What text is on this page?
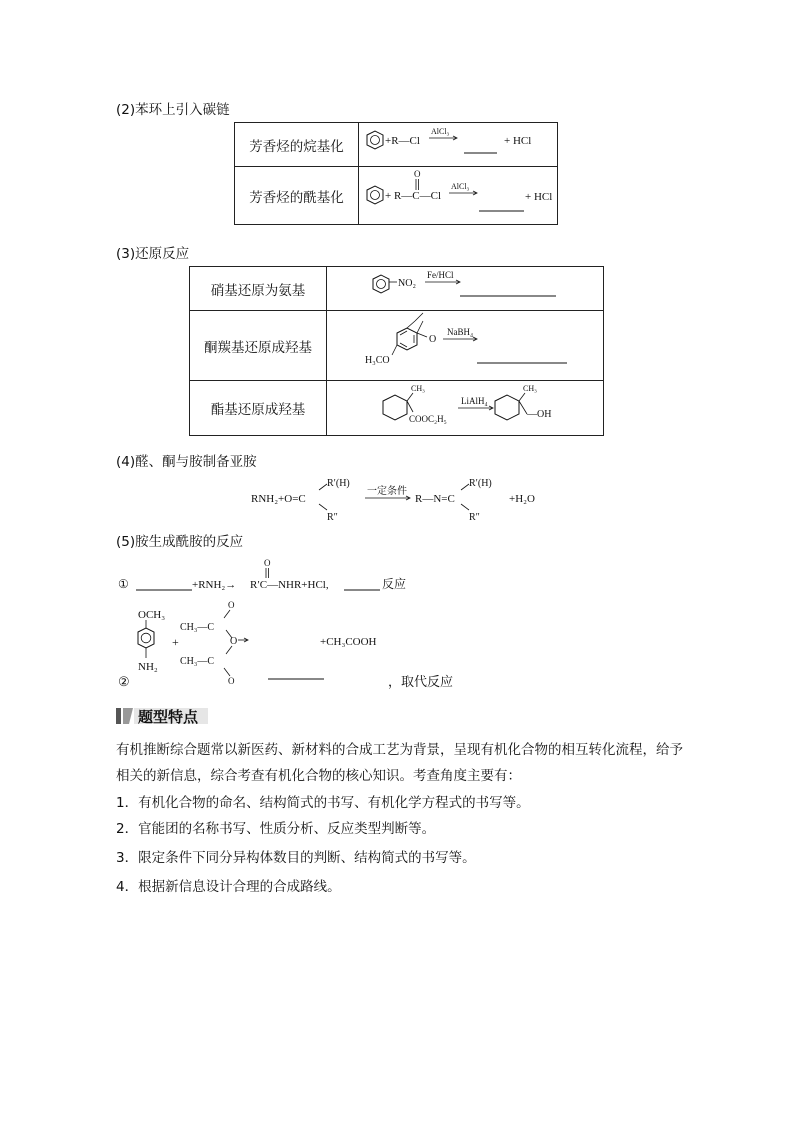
(2)苯环上引入碳链
芳香烃的烷基化	+R—Cl
AlCl₃
+ HCl

芳香烃的酰基化	+ R—C—Cl
O
AlCl₃
+ HCl
(3)还原反应
硝基还原为氨基	NO₂
Fe/HCl

酮羰基还原成羟基	O
H₃CO
NaBH₄

酯基还原成羟基	CH₃
COOC₂H₅
LiAlH₄
CH₃
—OH
(4)醛、酮与胺制备亚胺
RNH₂+O=C
R′(H)
R″
一定条件
R—N=C
R′(H)
R″
+H₂O
(5)胺生成酰胺的反应
①	+RNH₂→
O
R′C—NHR+HCl,	反应
OCH₃
NH₂
②
+
O
CH₃—C
O
CH₃—C
O
+CH₃COOH
，取代反应
题型特点
有机推断综合题常以新医药、新材料的合成工艺为背景，呈现有机化合物的相互转化流程，给予相关的新信息，综合考查有机化合物的核心知识。考查角度主要有：
1．有机化合物的命名、结构简式的书写、有机化学方程式的书写等。
2．官能团的名称书写、性质分析、反应类型判断等。
3．限定条件下同分异构体数目的判断、结构简式的书写等。
4．根据新信息设计合理的合成路线。
